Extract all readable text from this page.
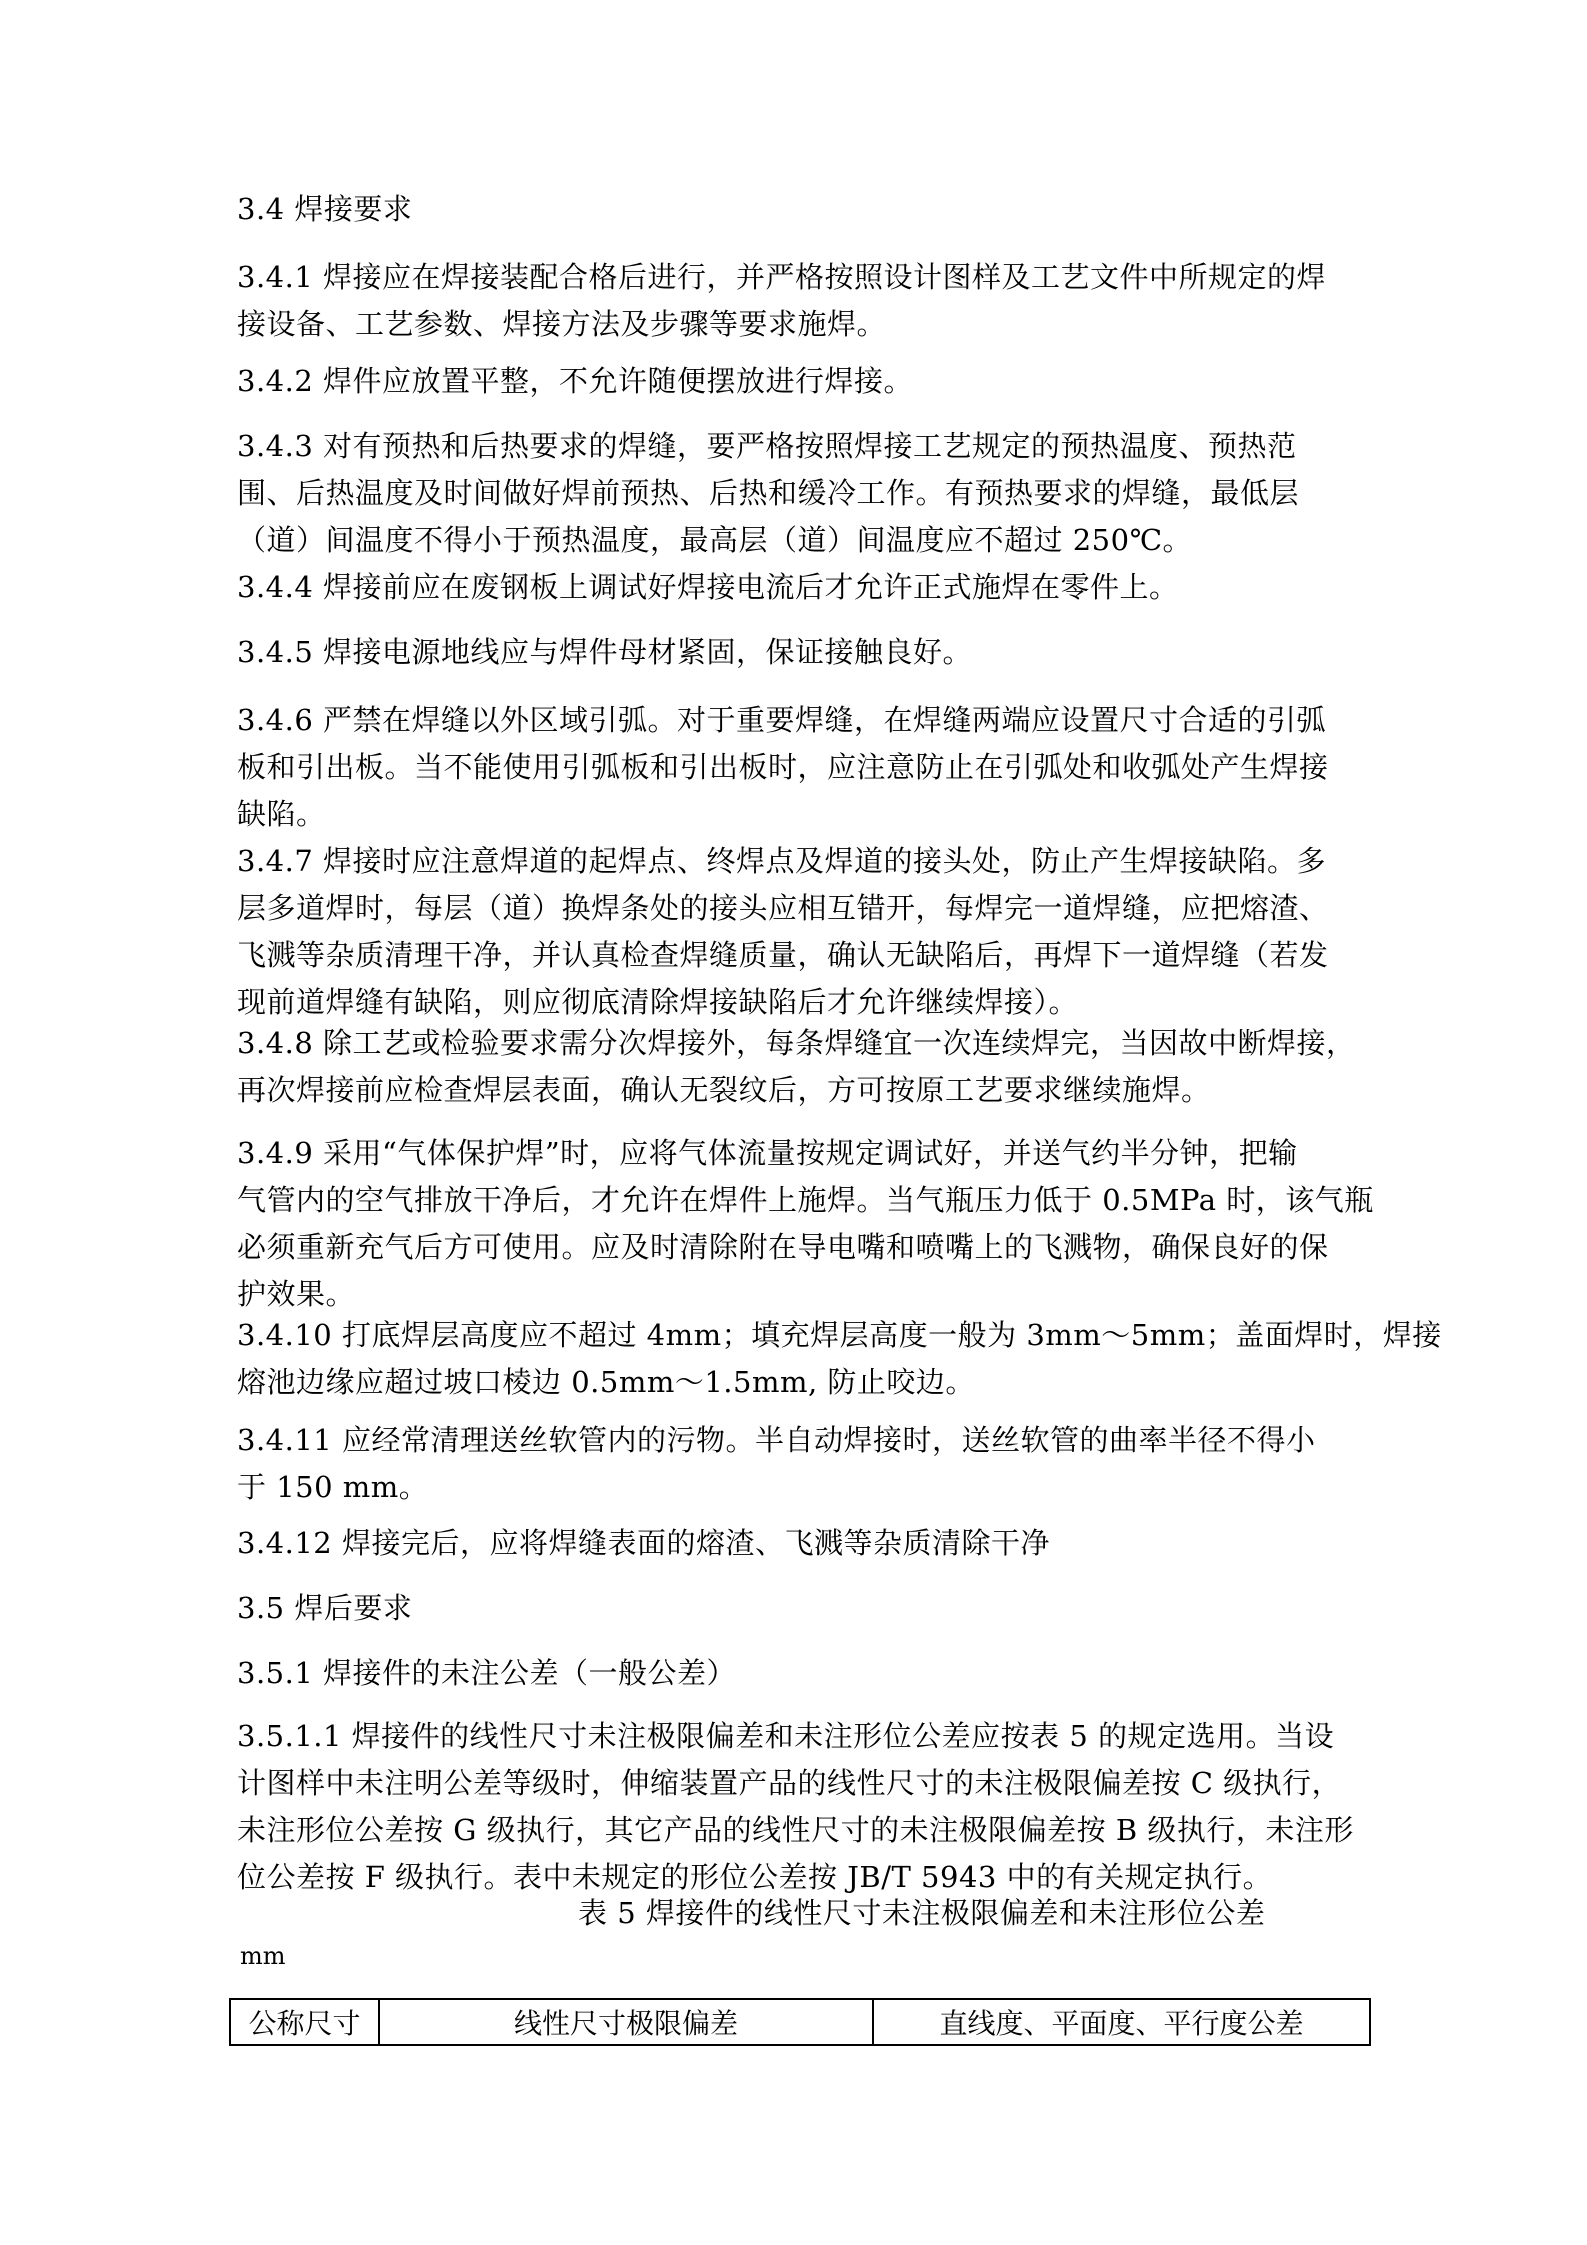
3.4 焊接要求

3.4.1 焊接应在焊接装配合格后进行，并严格按照设计图样及工艺文件中所规定的焊
接设备、工艺参数、焊接方法及步骤等要求施焊。

3.4.2 焊件应放置平整，不允许随便摆放进行焊接。

3.4.3 对有预热和后热要求的焊缝，要严格按照焊接工艺规定的预热温度、预热范
围、后热温度及时间做好焊前预热、后热和缓冷工作。有预热要求的焊缝，最低层
（道）间温度不得小于预热温度，最高层（道）间温度应不超过 250℃。

3.4.4 焊接前应在废钢板上调试好焊接电流后才允许正式施焊在零件上。

3.4.5 焊接电源地线应与焊件母材紧固，保证接触良好。

3.4.6 严禁在焊缝以外区域引弧。对于重要焊缝，在焊缝两端应设置尺寸合适的引弧
板和引出板。当不能使用引弧板和引出板时，应注意防止在引弧处和收弧处产生焊接
缺陷。

3.4.7 焊接时应注意焊道的起焊点、终焊点及焊道的接头处，防止产生焊接缺陷。多
层多道焊时，每层（道）换焊条处的接头应相互错开，每焊完一道焊缝，应把熔渣、
飞溅等杂质清理干净，并认真检查焊缝质量，确认无缺陷后，再焊下一道焊缝（若发
现前道焊缝有缺陷，则应彻底清除焊接缺陷后才允许继续焊接）。

3.4.8 除工艺或检验要求需分次焊接外，每条焊缝宜一次连续焊完，当因故中断焊接，
再次焊接前应检查焊层表面，确认无裂纹后，方可按原工艺要求继续施焊。

3.4.9 采用“气体保护焊”时，应将气体流量按规定调试好，并送气约半分钟，把输
气管内的空气排放干净后，才允许在焊件上施焊。当气瓶压力低于 0.5MPa 时，该气瓶
必须重新充气后方可使用。应及时清除附在导电嘴和喷嘴上的飞溅物，确保良好的保
护效果。

3.4.10 打底焊层高度应不超过 4mm；填充焊层高度一般为 3mm～5mm；盖面焊时，焊接
熔池边缘应超过坡口棱边 0.5mm～1.5mm, 防止咬边。

3.4.11 应经常清理送丝软管内的污物。半自动焊接时，送丝软管的曲率半径不得小
于 150 mm。

3.4.12 焊接完后，应将焊缝表面的熔渣、飞溅等杂质清除干净

3.5 焊后要求

3.5.1 焊接件的未注公差（一般公差）

3.5.1.1 焊接件的线性尺寸未注极限偏差和未注形位公差应按表 5 的规定选用。当设
计图样中未注明公差等级时，伸缩装置产品的线性尺寸的未注极限偏差按 C 级执行，
未注形位公差按 G 级执行，其它产品的线性尺寸的未注极限偏差按 B 级执行，未注形
位公差按 F 级执行。表中未规定的形位公差按 JB/T 5943 中的有关规定执行。

表 5 焊接件的线性尺寸未注极限偏差和未注形位公差
mm
公称尺寸	线性尺寸极限偏差	直线度、平面度、平行度公差
